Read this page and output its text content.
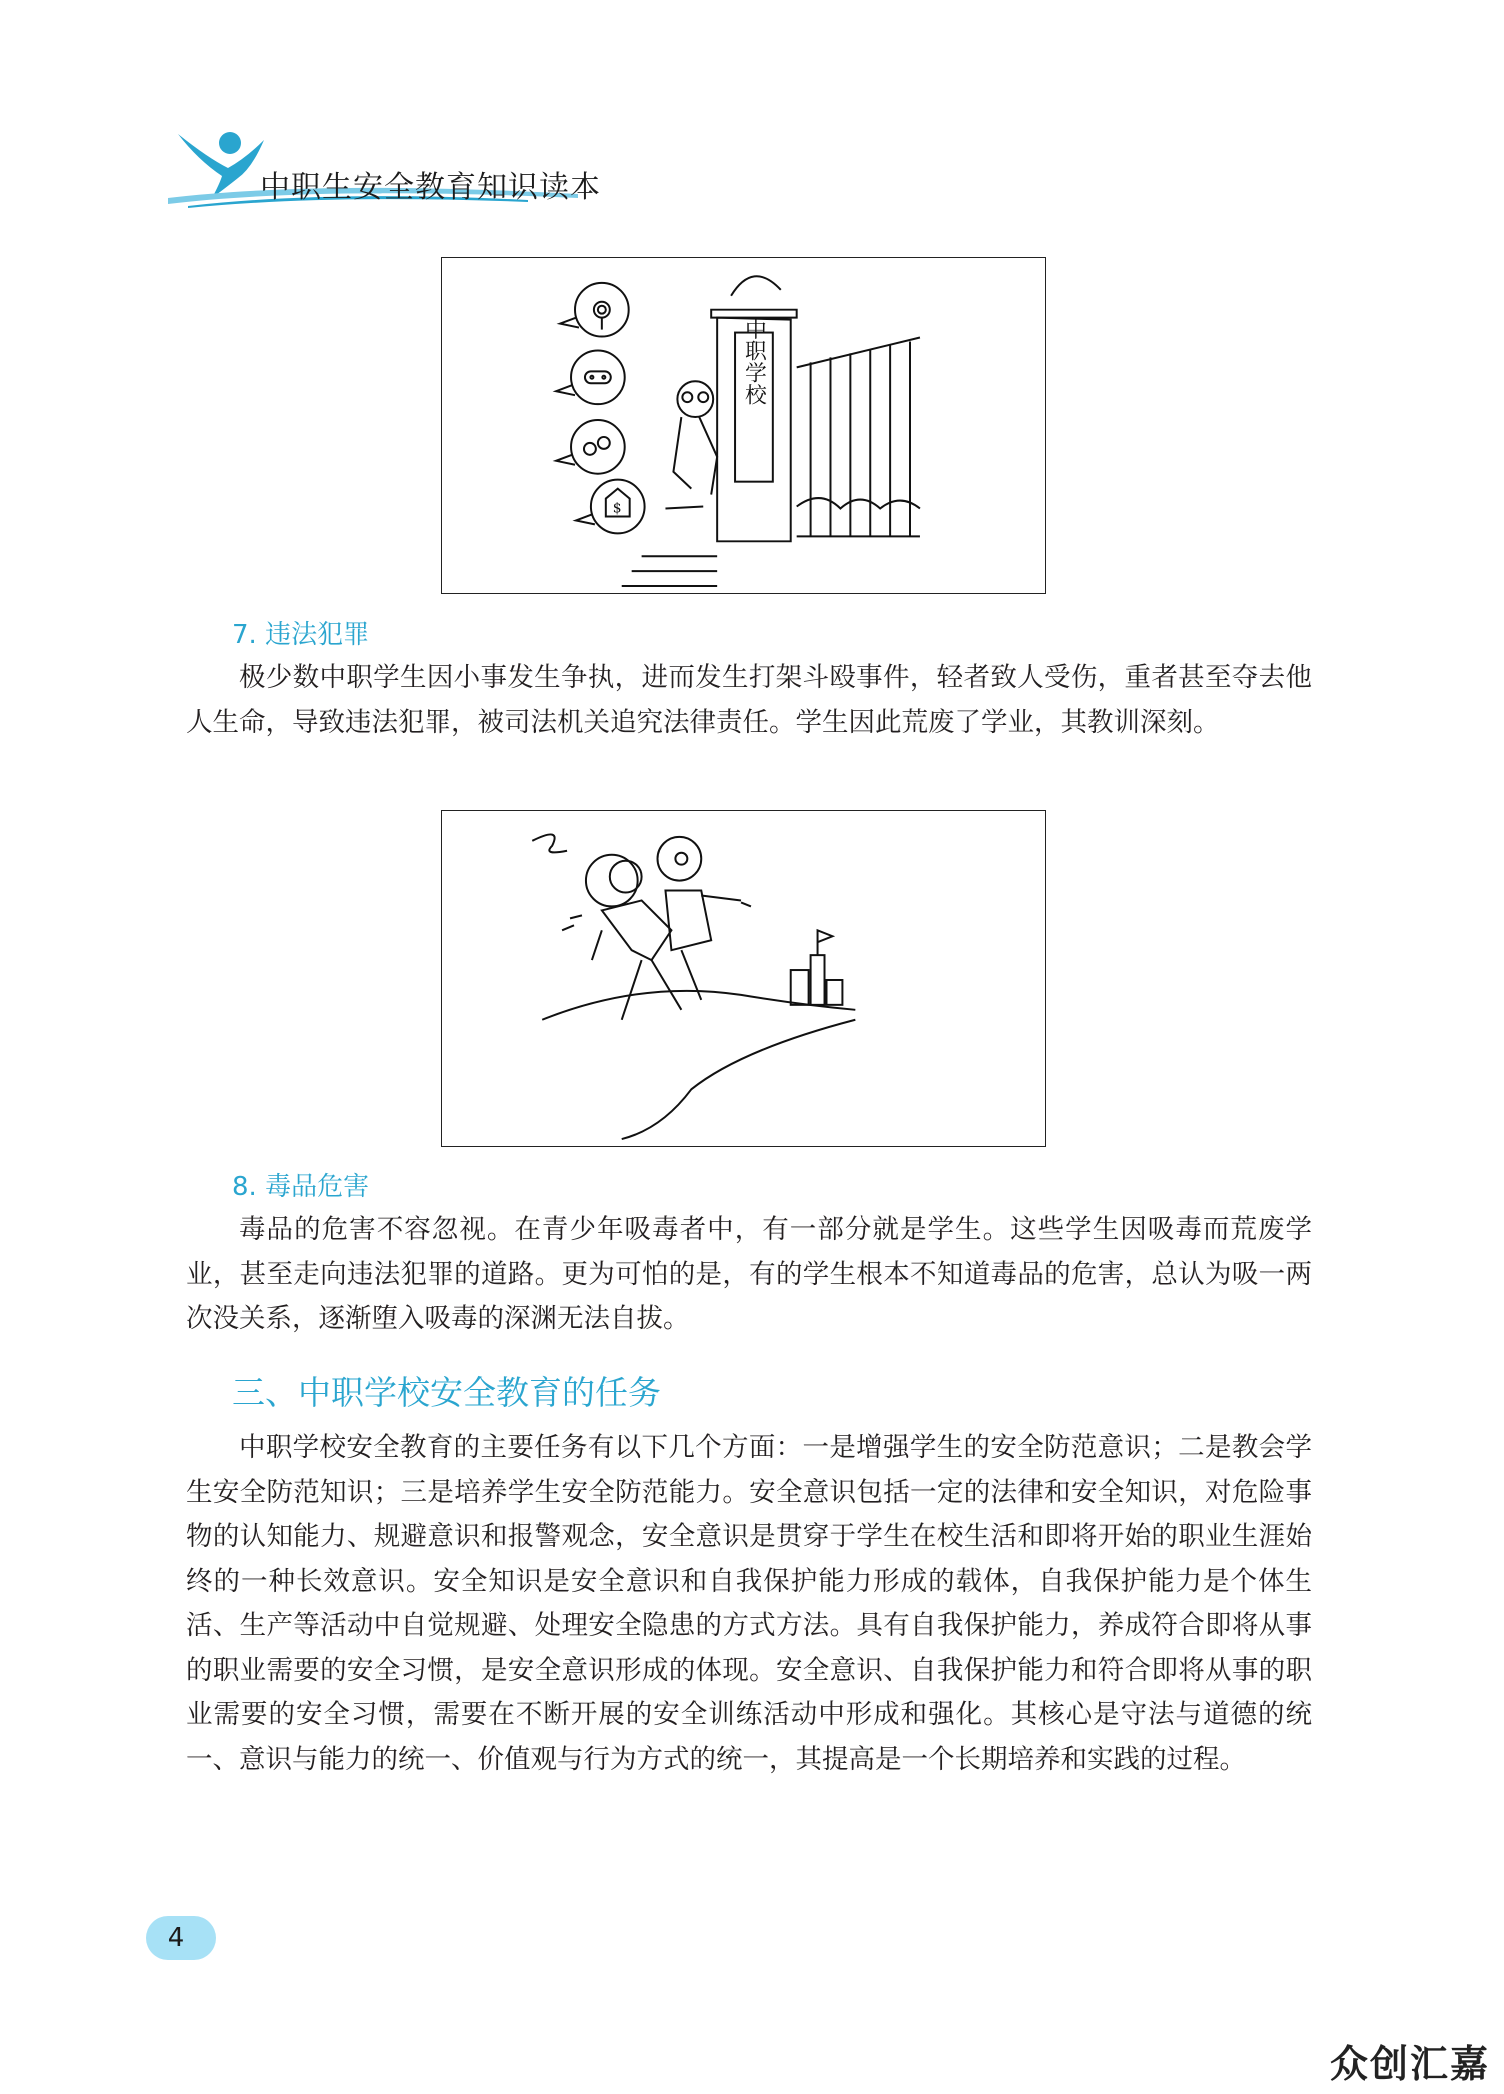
中职生安全教育知识读本
$
中职学校
7. 违法犯罪
极少数中职学生因小事发生争执，进而发生打架斗殴事件，轻者致人受伤，重者甚至夺去他人生命，导致违法犯罪，被司法机关追究法律责任。学生因此荒废了学业，其教训深刻。
8. 毒品危害
毒品的危害不容忽视。在青少年吸毒者中，有一部分就是学生。这些学生因吸毒而荒废学业，甚至走向违法犯罪的道路。更为可怕的是，有的学生根本不知道毒品的危害，总认为吸一两次没关系，逐渐堕入吸毒的深渊无法自拔。
三、中职学校安全教育的任务
中职学校安全教育的主要任务有以下几个方面：一是增强学生的安全防范意识；二是教会学生安全防范知识；三是培养学生安全防范能力。安全意识包括一定的法律和安全知识，对危险事物的认知能力、规避意识和报警观念，安全意识是贯穿于学生在校生活和即将开始的职业生涯始终的一种长效意识。安全知识是安全意识和自我保护能力形成的载体，自我保护能力是个体生活、生产等活动中自觉规避、处理安全隐患的方式方法。具有自我保护能力，养成符合即将从事的职业需要的安全习惯，是安全意识形成的体现。安全意识、自我保护能力和符合即将从事的职业需要的安全习惯，需要在不断开展的安全训练活动中形成和强化。其核心是守法与道德的统一、意识与能力的统一、价值观与行为方式的统一，其提高是一个长期培养和实践的过程。
4
众创汇嘉
